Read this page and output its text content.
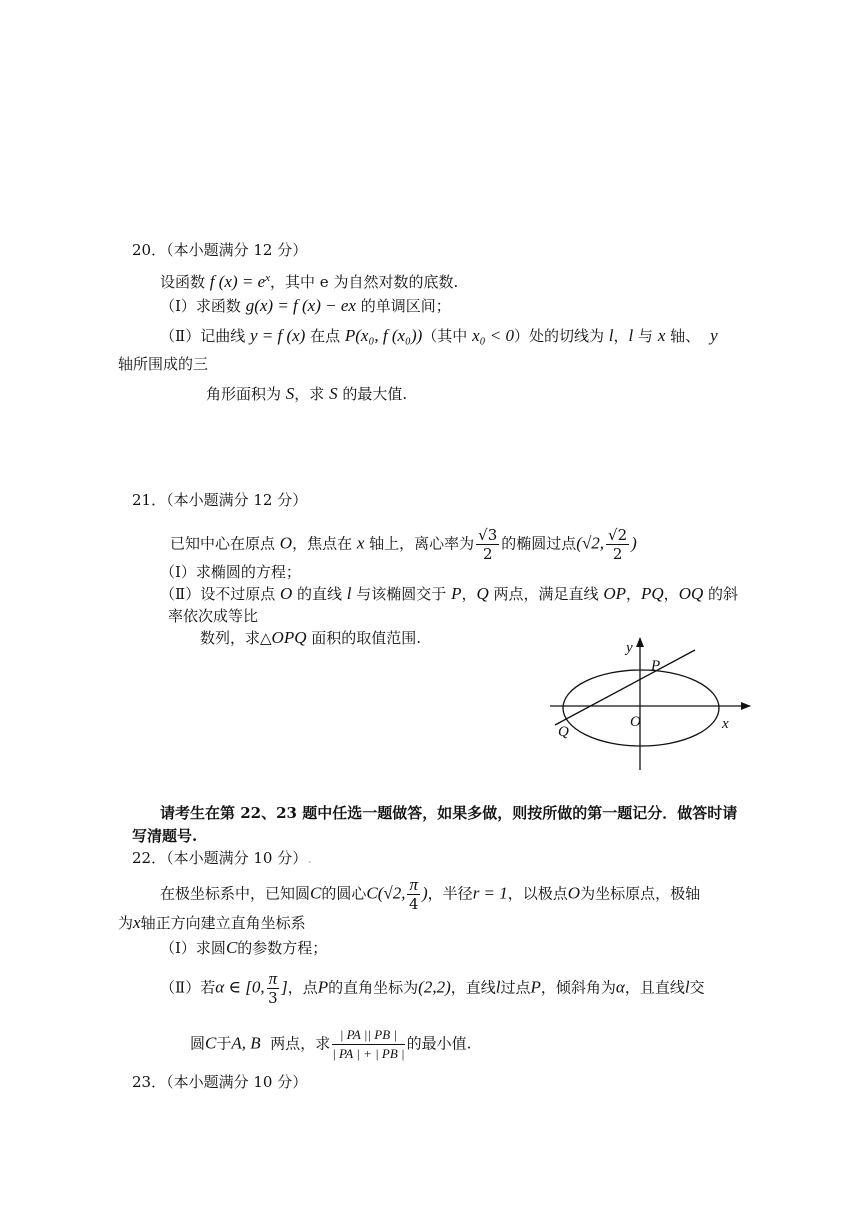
20．（本小题满分 12 分）
设函数 f $(x) = e^x$，其中 e 为自然对数的底数.
（Ⅰ）求函数 g(x) = f (x) − ex 的单调区间；
（Ⅱ）记曲线 y = f (x) 在点 P(x₀, f (x₀))（其中 x₀ < 0）处的切线为 l，l 与 x 轴、 y
轴所围成的三
角形面积为 S，求 S 的最大值.
21．（本小题满分 12 分）
已知中心在原点 O，焦点在 x 轴上，离心率为 $\frac{√3}{2}$ 的椭圆过点(√2, $\frac{√2}{2}$ )
（Ⅰ）求椭圆的方程；
（Ⅱ）设不过原点 O 的直线 l 与该椭圆交于 P，Q 两点，满足直线 OP，PQ，OQ 的斜
率依次成等比
数列，求△OPQ 面积的取值范围.
y
P
O
Q	x
请考生在第 22、23 题中任选一题做答，如果多做，则按所做的第一题记分．做答时请
写清题号.
22．（本小题满分 10 分）.
在极坐标系中，已知圆C的圆心C(√2, $\frac{\pi}{4}$ )，半径r = 1，以极点O为坐标原点，极轴
为x轴正方向建立直角坐标系
（Ⅰ）求圆C的参数方程；
（Ⅱ）若α ∈ [0, $\frac{\pi}{3}$ ]，点P的直角坐标为(2,2)，直线l过点P，倾斜角为α，且直线l交
圆C于A, B  两点，求 $\frac{| PA || PB |}{| PA | + | PB |}$ 的最小值.
23．（本小题满分 10 分）
